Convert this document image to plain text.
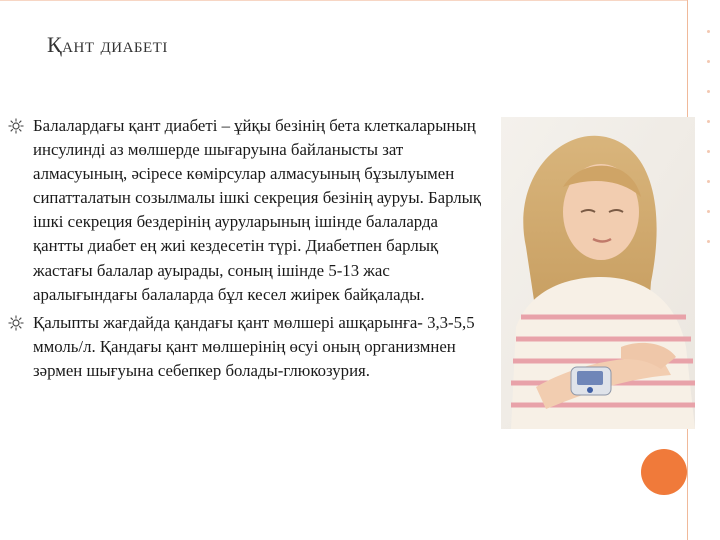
Қант диабеті
Балалардағы қант диабеті – ұйқы безінің бета клеткаларының инсулинді аз мөлшерде шығаруына байланысты зат алмасуының, әсіресе көмірсулар алмасуының бұзылуымен сипатталатын созылмалы ішкі секреция безінің ауруы. Барлық ішкі секреция бездерінің ауруларының ішінде балаларда қантты диабет ең жиі кездесетін түрі. Диабетпен барлық жастағы балалар ауырады, соның ішінде 5-13 жас аралығындағы балаларда бұл кесел жиірек байқалады.
Қалыпты жағдайда қандағы қант мөлшері ашқарынға- 3,3-5,5 ммоль/л. Қандағы қант мөлшерінің өсуі оның организмнен зәрмен шығуына себепкер болады-глюкозурия.
